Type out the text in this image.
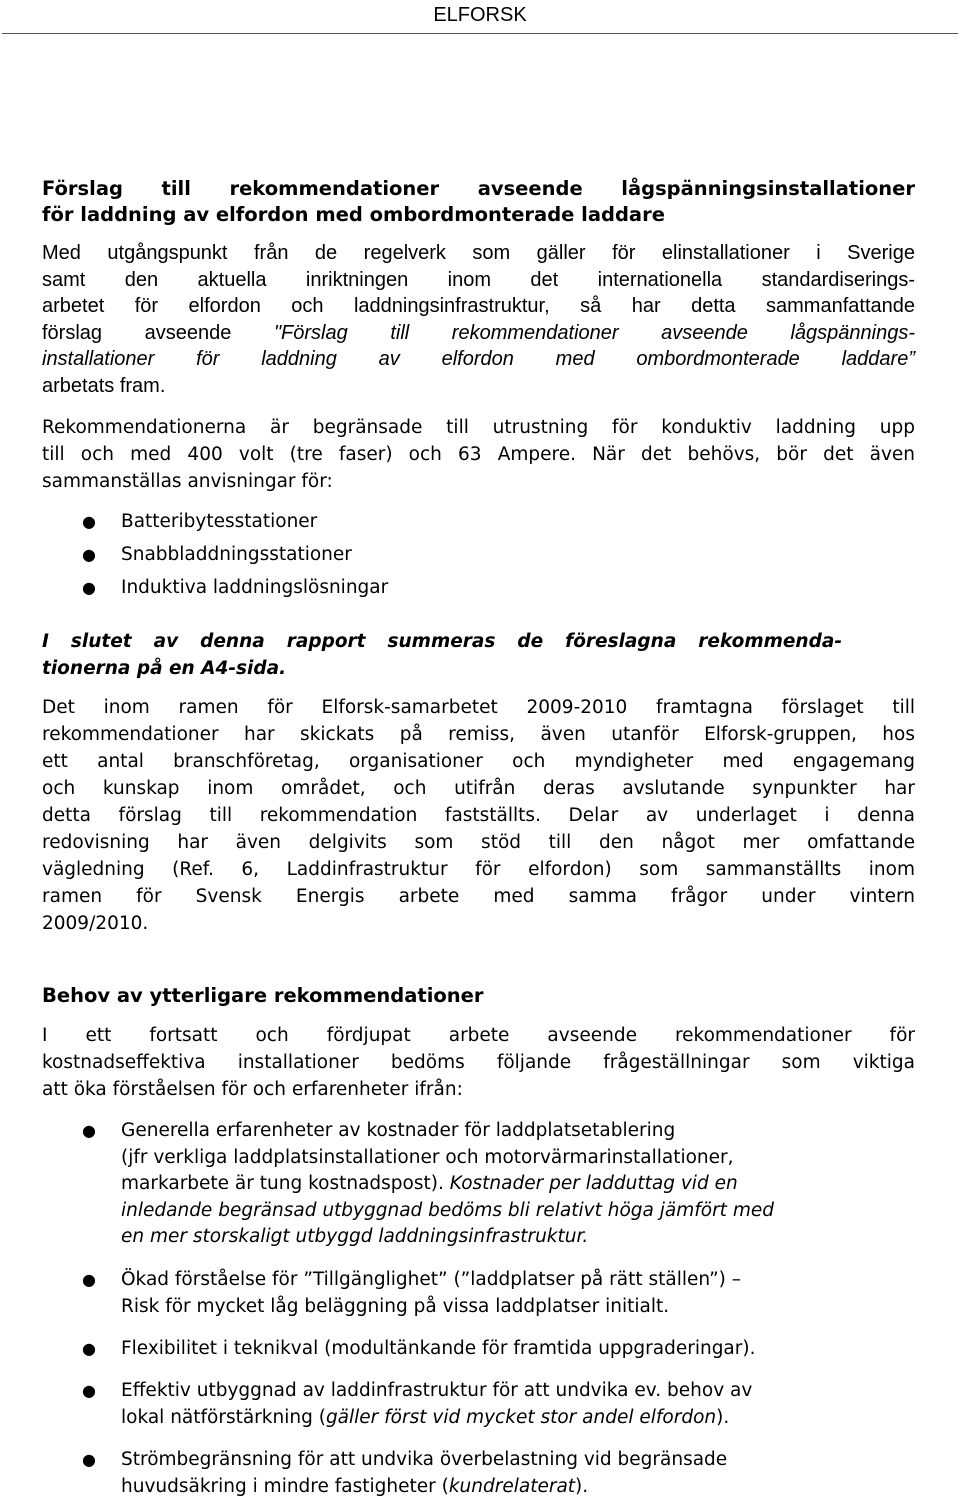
ELFORSK
Förslag till rekommendationer avseende lågspänningsinstallationer
för laddning av elfordon med ombordmonterade laddare
Med utgångspunkt från de regelverk som gäller för elinstallationer i Sverige
samt den aktuella inriktningen inom det internationella standardiserings-
arbetet för elfordon och laddningsinfrastruktur, så har detta sammanfattande
förslag avseende "Förslag till rekommendationer avseende lågspännings-
installationer för laddning av elfordon med ombordmonterade laddare”
arbetats fram.
Rekommendationerna är begränsade till utrustning för konduktiv laddning upp
till och med 400 volt (tre faser) och 63 Ampere. När det behövs, bör det även
sammanställas anvisningar för:
● Batteribytesstationer
● Snabbladdningsstationer
● Induktiva laddningslösningar
I slutet av denna rapport summeras de föreslagna rekommenda-
tionerna på en A4-sida.
Det inom ramen för Elforsk-samarbetet 2009-2010 framtagna förslaget till
rekommendationer har skickats på remiss, även utanför Elforsk-gruppen, hos
ett antal branschföretag, organisationer och myndigheter med engagemang
och kunskap inom området, och utifrån deras avslutande synpunkter har
detta förslag till rekommendation fastställts. Delar av underlaget i denna
redovisning har även delgivits som stöd till den något mer omfattande
vägledning (Ref. 6, Laddinfrastruktur för elfordon) som sammanställts inom
ramen för Svensk Energis arbete med samma frågor under vintern
2009/2010.
Behov av ytterligare rekommendationer
I ett fortsatt och fördjupat arbete avseende rekommendationer för
kostnadseffektiva installationer bedöms följande frågeställningar som viktiga
att öka förståelsen för och erfarenheter ifrån:
● Generella erfarenheter av kostnader för laddplatsetablering
(jfr verkliga laddplatsinstallationer och motorvärmarinstallationer,
markarbete är tung kostnadspost). Kostnader per ladduttag vid en
inledande begränsad utbyggnad bedöms bli relativt höga jämfört med
en mer storskaligt utbyggd laddningsinfrastruktur.
● Ökad förståelse för ”Tillgänglighet” (”laddplatser på rätt ställen”) –
Risk för mycket låg beläggning på vissa laddplatser initialt.
● Flexibilitet i teknikval (modultänkande för framtida uppgraderingar).
● Effektiv utbyggnad av laddinfrastruktur för att undvika ev. behov av
lokal nätförstärkning (gäller först vid mycket stor andel elfordon).
● Strömbegränsning för att undvika överbelastning vid begränsade
huvudsäkring i mindre fastigheter (kundrelaterat).
